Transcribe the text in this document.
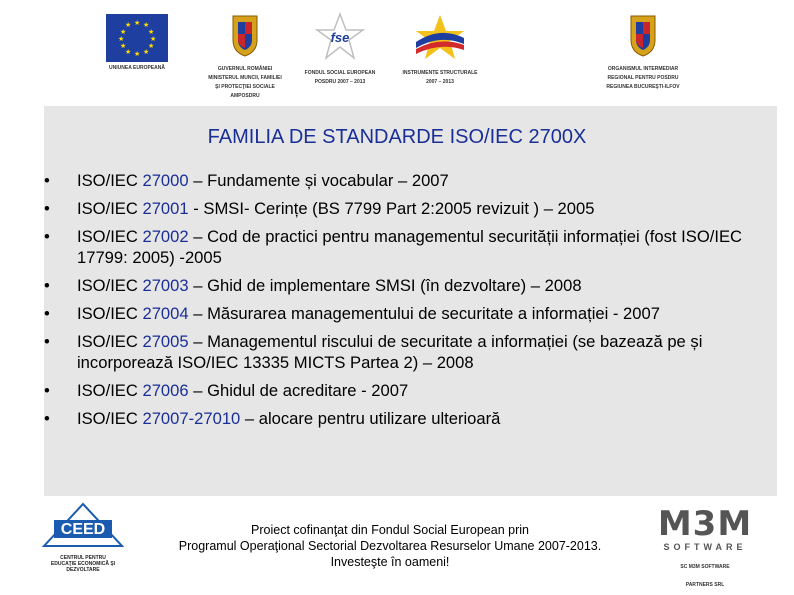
★ ★
★
★
★
★
★
★
★
★
★
★
UNIUNEA EUROPEANĂ	GUVERNUL ROMÂNIEI
MINISTERUL MUNCII, FAMILIEI
ŞI PROTECŢIEI SOCIALE
AMPOSDRU
fse
FONDUL SOCIAL EUROPEAN
POSDRU 2007 – 2013
INSTRUMENTE STRUCTURALE
2007 – 2013
ORGANISMUL INTERMEDIAR
REGIONAL PENTRU POSDRU
REGIUNEA BUCUREŞTI-ILFOV
FAMILIA DE STANDARDE ISO/IEC 2700X
• ISO/IEC 27000 – Fundamente și vocabular – 2007
• ISO/IEC 27001 - SMSI- Cerințe (BS 7799 Part 2:2005 revizuit ) – 2005
• ISO/IEC 27002 – Cod de practici pentru managementul securității informației (fost ISO/IEC 17799: 2005) -2005
• ISO/IEC 27003 – Ghid de implementare SMSI (în dezvoltare) – 2008
• ISO/IEC 27004 – Măsurarea managementului de securitate a informației - 2007
• ISO/IEC 27005 – Managementul riscului de securitate a informației (se bazează pe și incorporează ISO/IEC 13335 MICTS Partea 2) – 2008
• ISO/IEC 27006 – Ghidul de acreditare - 2007
• ISO/IEC 27007-27010 – alocare pentru utilizare ulterioară
CEED
CENTRUL PENTRU
EDUCAŢIE ECONOMICĂ ŞI
DEZVOLTARE
Proiect cofinanţat din Fondul Social European prin
Programul Operaţional Sectorial Dezvoltarea Resurselor Umane 2007-2013.
Investeşte în oameni!
M3M
SOFTWARE
SC M3M SOFTWARE
PARTNERS SRL
